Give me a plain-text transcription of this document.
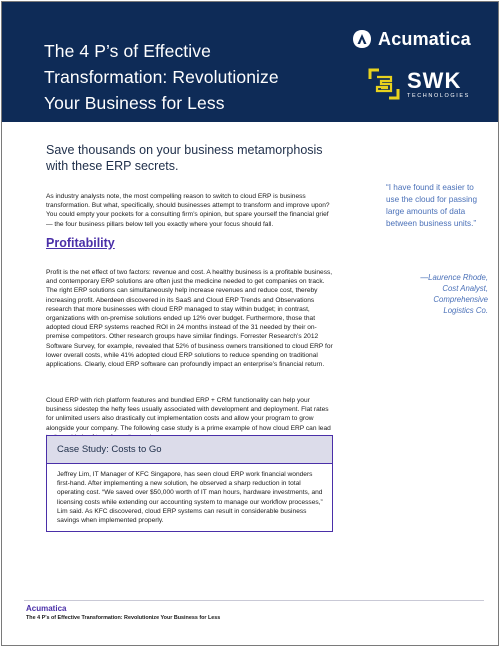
The 4 P’s of Effective
Transformation: Revolutionize
Your Business for Less
Acumatica
SWK
TECHNOLOGIES
Save thousands on your business metamorphosis with these ERP secrets.

As industry analysts note, the most compelling reason to switch to cloud ERP is business transformation. But what, specifically, should businesses attempt to transform and improve upon? You could empty your pockets for a consulting firm’s opinion, but spare yourself the financial grief — the four business pillars below tell you exactly where your focus should fall.

Profitability

Profit is the net effect of two factors: revenue and cost. A healthy business is a profitable business, and contemporary ERP solutions are often just the medicine needed to get companies on track. The right ERP solutions can simultaneously help increase revenues and reduce cost, thereby increasing profit. Aberdeen discovered in its SaaS and Cloud ERP Trends and Observations research that more businesses with cloud ERP managed to stay within budget; in contrast, organizations with on-premise solutions ended up 12% over budget. Furthermore, those that adopted cloud ERP systems reached ROI in 24 months instead of the 31 needed by their on-premise competitors. Other research groups have similar findings. Forrester Research’s 2012 Software Survey, for example, revealed that 52% of business owners transitioned to cloud ERP for lower overall costs, while 41% adopted cloud ERP solutions to reduce spending on traditional applications. Clearly, cloud ERP software can profoundly impact an enterprise’s financial return.

Cloud ERP with rich platform features and bundled ERP + CRM functionality can help your business sidestep the hefty fees usually associated with development and deployment. Flat rates for unlimited users also drastically cut implementation costs and allow your program to grow alongside your company. The following case study is a prime example of how cloud ERP can lead

Case Study: Costs to Go
Jeffrey Lim, IT Manager of KFC Singapore, has seen cloud ERP work financial wonders first-hand. After implementing a new solution, he observed a sharp reduction in total operating cost. “We saved over $50,000 worth of IT man hours, hardware investments, and licensing costs while extending our accounting system to manage our workflow processes,” Lim said. As KFC discovered, cloud ERP systems can result in considerable business savings when implemented properly.
“I have found it easier to use the cloud for passing large amounts of data between business units.”
—Laurence Rhode,
Cost Analyst,
Comprehensive
Logistics Co.
Acumatica
The 4 P’s of Effective Transformation: Revolutionize Your Business for Less
